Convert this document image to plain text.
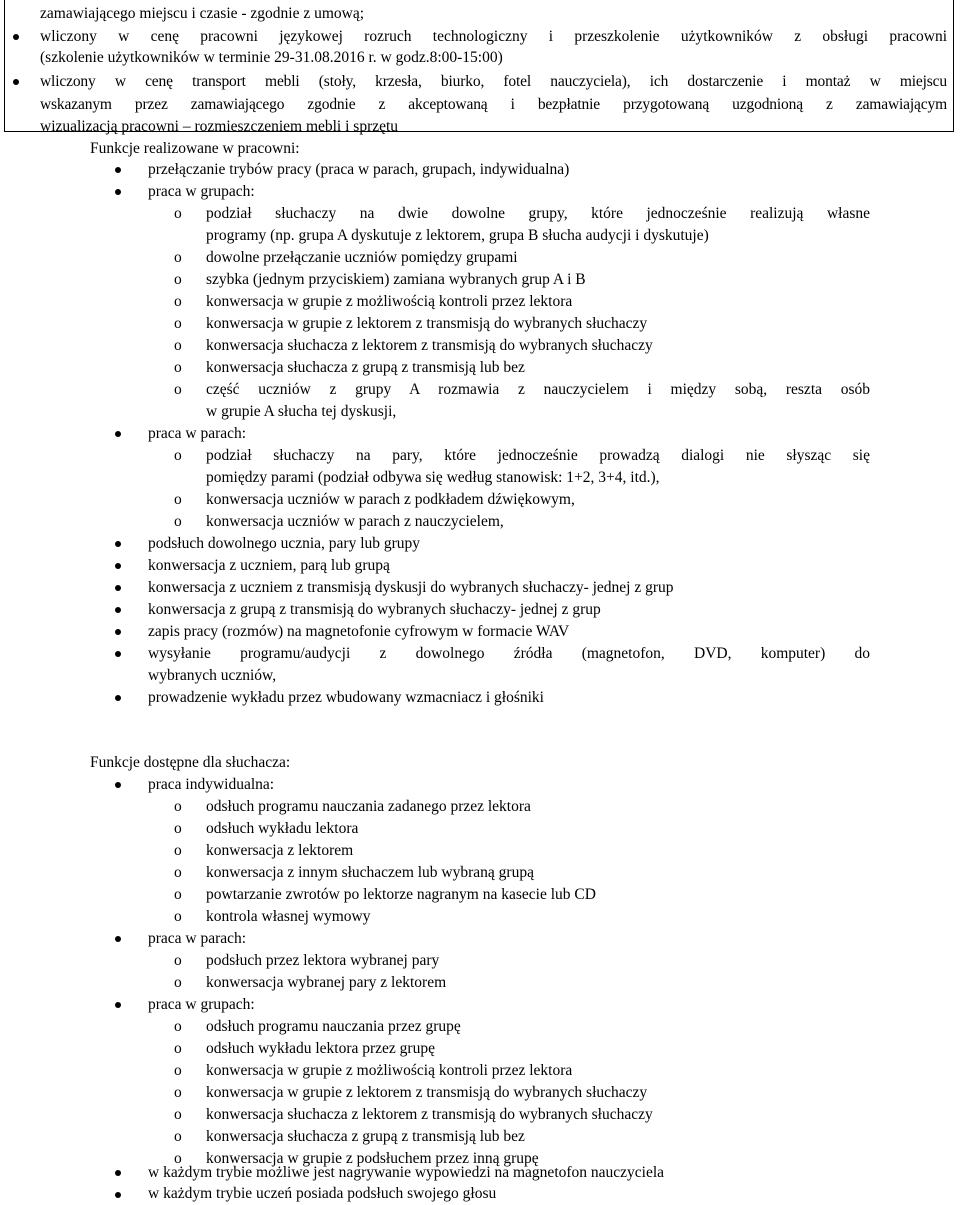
zamawiającego miejscu i czasie - zgodnie z umową;
wliczony w cenę pracowni językowej rozruch technologiczny i przeszkolenie użytkowników z obsługi pracowni
(szkolenie użytkowników w terminie 29-31.08.2016 r. w godz.8:00-15:00)
wliczony w cenę transport mebli (stoły, krzesła, biurko, fotel nauczyciela), ich dostarczenie i montaż w miejscu
wskazanym przez zamawiającego zgodnie z akceptowaną i bezpłatnie przygotowaną uzgodnioną z zamawiającym
wizualizacją pracowni – rozmieszczeniem mebli i sprzętu
Funkcje realizowane w pracowni:
przełączanie trybów pracy (praca w parach, grupach, indywidualna)
praca w grupach:
o podział słuchaczy na dwie dowolne grupy, które jednocześnie realizują własne
programy (np. grupa A dyskutuje z lektorem, grupa B słucha audycji i dyskutuje)
o dowolne przełączanie uczniów pomiędzy grupami
o szybka (jednym przyciskiem) zamiana wybranych grup A i B
o konwersacja w grupie z możliwością kontroli przez lektora
o konwersacja w grupie z lektorem z transmisją do wybranych słuchaczy
o konwersacja słuchacza z lektorem z transmisją do wybranych słuchaczy
o konwersacja słuchacza z grupą z transmisją lub bez
o część uczniów z grupy A rozmawia z nauczycielem i między sobą, reszta osób
w grupie A słucha tej dyskusji,
praca w parach:
o podział słuchaczy na pary, które jednocześnie prowadzą dialogi nie słysząc się
pomiędzy parami (podział odbywa się według stanowisk: 1+2, 3+4, itd.),
o konwersacja uczniów w parach z podkładem dźwiękowym,
o konwersacja uczniów w parach z nauczycielem,
podsłuch dowolnego ucznia, pary lub grupy
konwersacja z uczniem, parą lub grupą
konwersacja z uczniem z transmisją dyskusji do wybranych słuchaczy- jednej z grup
konwersacja z grupą z transmisją do wybranych słuchaczy- jednej z grup
zapis pracy (rozmów) na magnetofonie cyfrowym w formacie WAV
wysyłanie programu/audycji z dowolnego źródła (magnetofon, DVD, komputer) do
wybranych uczniów,
prowadzenie wykładu przez wbudowany wzmacniacz i głośniki
Funkcje dostępne dla słuchacza:
praca indywidualna:
o odsłuch programu nauczania zadanego przez lektora
o odsłuch wykładu lektora
o konwersacja z lektorem
o konwersacja z innym słuchaczem lub wybraną grupą
o powtarzanie zwrotów po lektorze nagranym na kasecie lub CD
o kontrola własnej wymowy
praca w parach:
o podsłuch przez lektora wybranej pary
o konwersacja wybranej pary z lektorem
praca w grupach:
o odsłuch programu nauczania przez grupę
o odsłuch wykładu lektora przez grupę
o konwersacja w grupie z możliwością kontroli przez lektora
o konwersacja w grupie z lektorem z transmisją do wybranych słuchaczy
o konwersacja słuchacza z lektorem z transmisją do wybranych słuchaczy
o konwersacja słuchacza z grupą z transmisją lub bez
o konwersacja w grupie z podsłuchem przez inną grupę
w każdym trybie możliwe jest nagrywanie wypowiedzi na magnetofon nauczyciela
w każdym trybie uczeń posiada podsłuch swojego głosu
